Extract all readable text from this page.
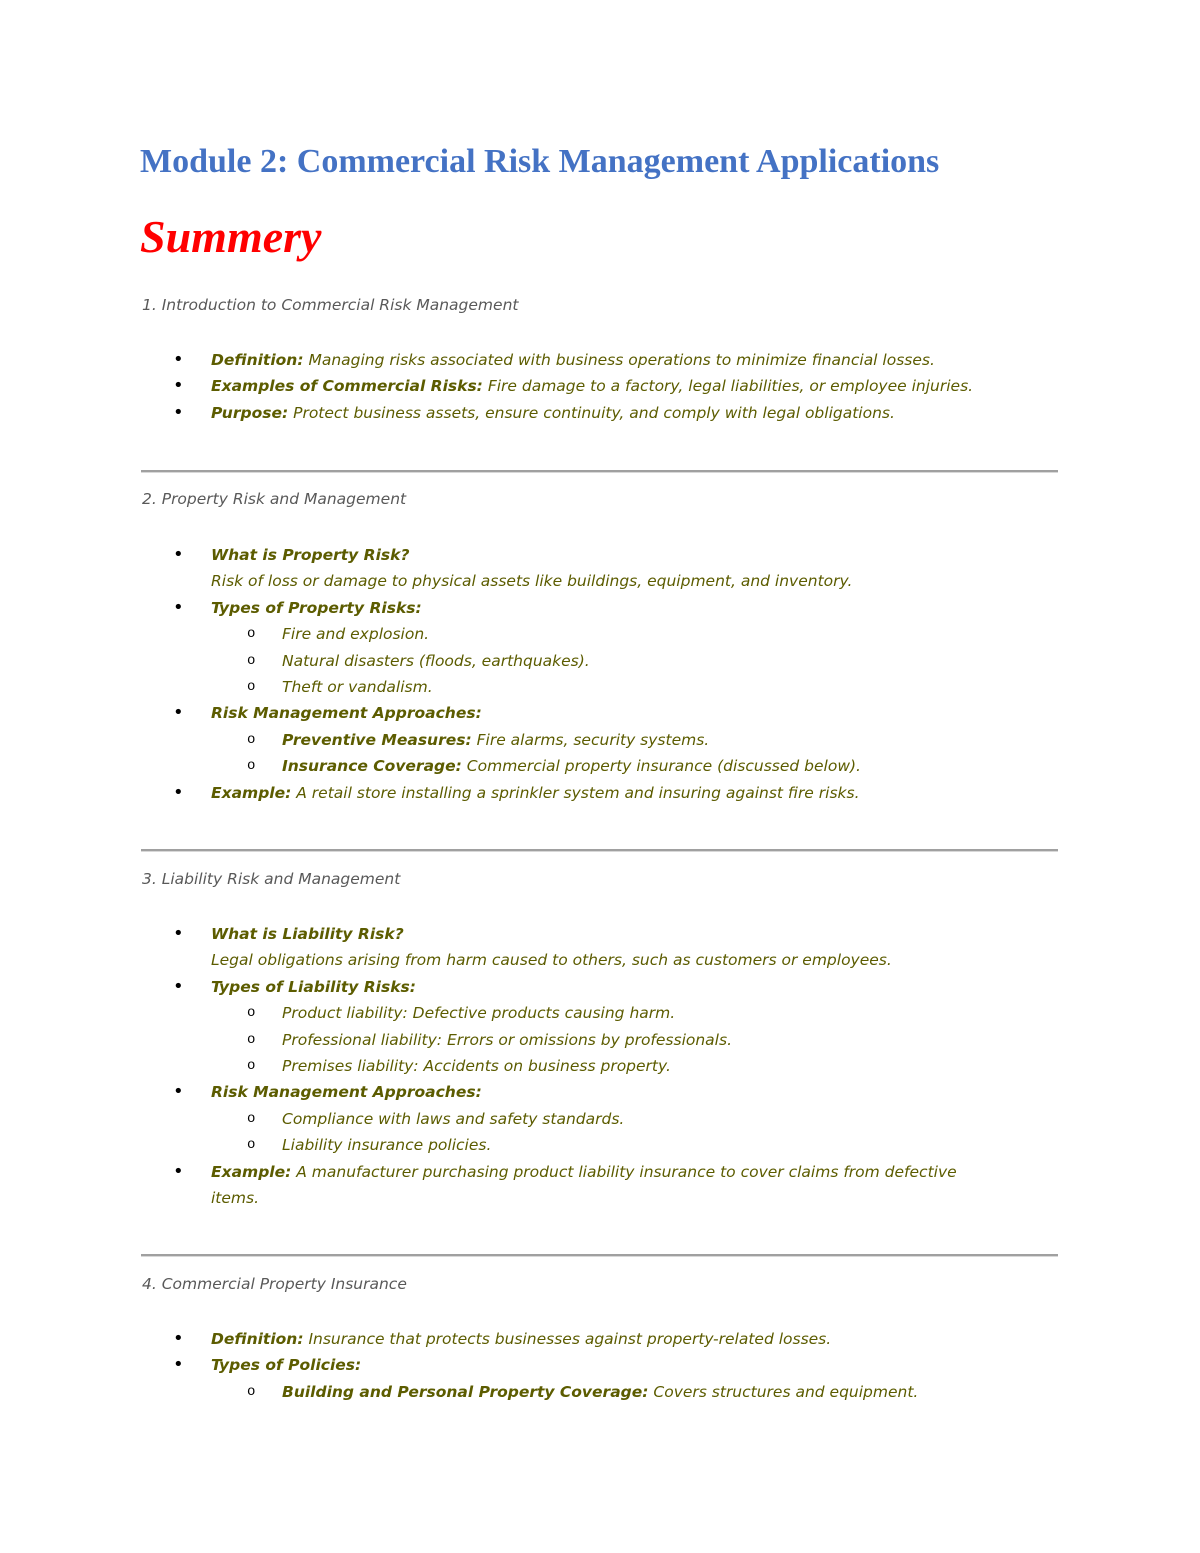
Module 2: Commercial Risk Management Applications
Summery
1. Introduction to Commercial Risk Management
• Definition: Managing risks associated with business operations to minimize financial losses.
• Examples of Commercial Risks: Fire damage to a factory, legal liabilities, or employee injuries.
• Purpose: Protect business assets, ensure continuity, and comply with legal obligations.
2. Property Risk and Management
• What is Property Risk?
Risk of loss or damage to physical assets like buildings, equipment, and inventory.
• Types of Property Risks:
o Fire and explosion.
o Natural disasters (floods, earthquakes).
o Theft or vandalism.
• Risk Management Approaches:
o Preventive Measures: Fire alarms, security systems.
o Insurance Coverage: Commercial property insurance (discussed below).
• Example: A retail store installing a sprinkler system and insuring against fire risks.
3. Liability Risk and Management
• What is Liability Risk?
Legal obligations arising from harm caused to others, such as customers or employees.
• Types of Liability Risks:
o Product liability: Defective products causing harm.
o Professional liability: Errors or omissions by professionals.
o Premises liability: Accidents on business property.
• Risk Management Approaches:
o Compliance with laws and safety standards.
o Liability insurance policies.
• Example: A manufacturer purchasing product liability insurance to cover claims from defective
items.
4. Commercial Property Insurance
• Definition: Insurance that protects businesses against property-related losses.
• Types of Policies:
o Building and Personal Property Coverage: Covers structures and equipment.
